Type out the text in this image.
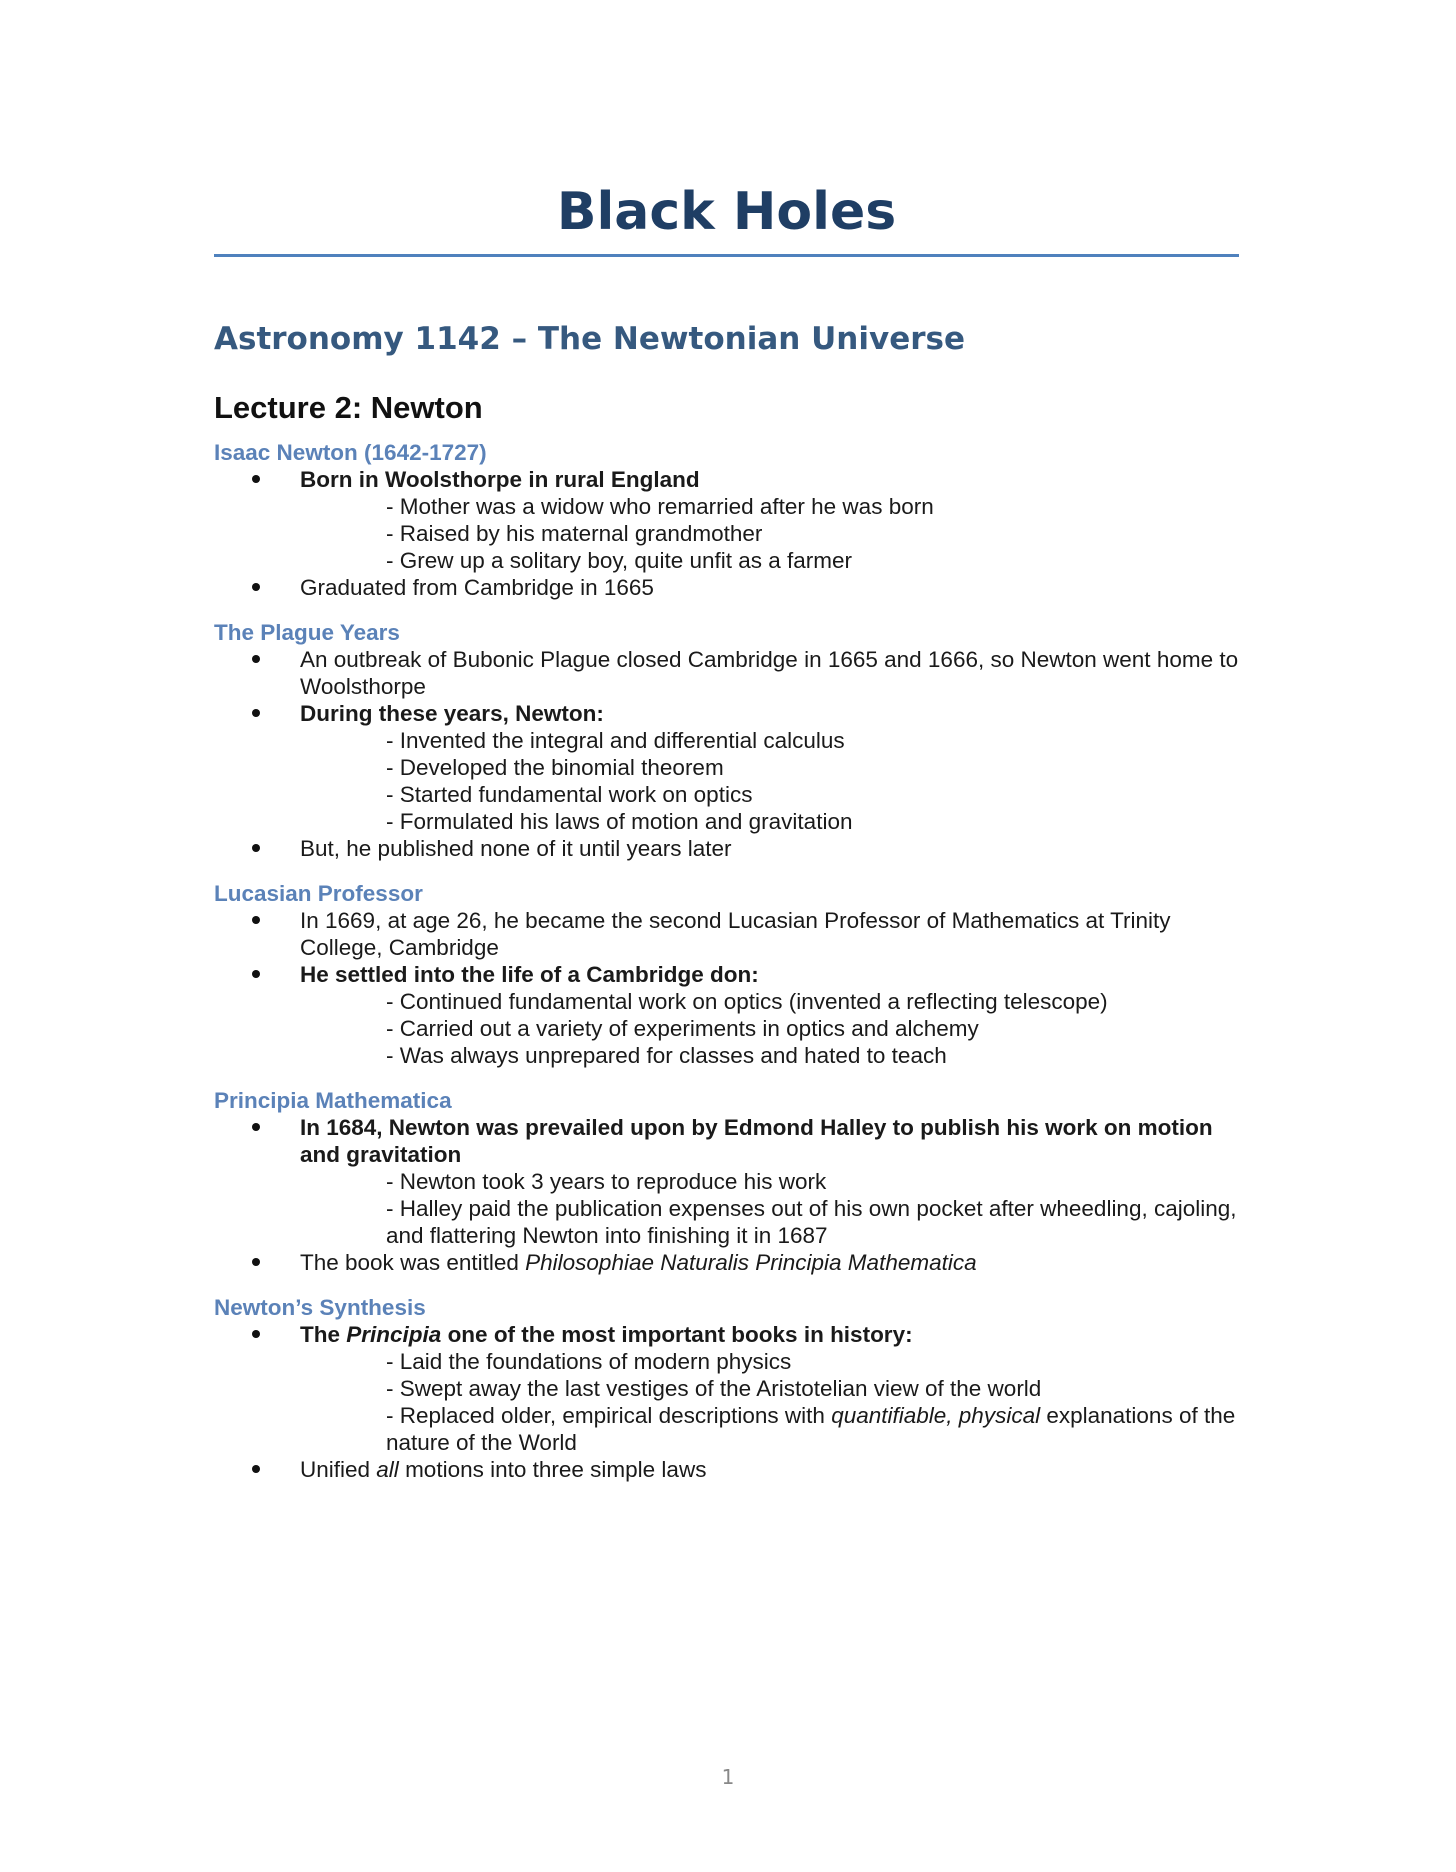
Black Holes
Astronomy 1142 – The Newtonian Universe
Lecture 2: Newton
Isaac Newton (1642-1727)
Born in Woolsthorpe in rural England
- Mother was a widow who remarried after he was born
- Raised by his maternal grandmother
- Grew up a solitary boy, quite unfit as a farmer
Graduated from Cambridge in 1665
The Plague Years
An outbreak of Bubonic Plague closed Cambridge in 1665 and 1666, so Newton went home to Woolsthorpe
During these years, Newton:
- Invented the integral and differential calculus
- Developed the binomial theorem
- Started fundamental work on optics
- Formulated his laws of motion and gravitation
But, he published none of it until years later
Lucasian Professor
In 1669, at age 26, he became the second Lucasian Professor of Mathematics at Trinity College, Cambridge
He settled into the life of a Cambridge don:
- Continued fundamental work on optics (invented a reflecting telescope)
- Carried out a variety of experiments in optics and alchemy
- Was always unprepared for classes and hated to teach
Principia Mathematica
In 1684, Newton was prevailed upon by Edmond Halley to publish his work on motion and gravitation
- Newton took 3 years to reproduce his work
- Halley paid the publication expenses out of his own pocket after wheedling, cajoling, and flattering Newton into finishing it in 1687
The book was entitled Philosophiae Naturalis Principia Mathematica
Newton’s Synthesis
The Principia one of the most important books in history:
- Laid the foundations of modern physics
- Swept away the last vestiges of the Aristotelian view of the world
- Replaced older, empirical descriptions with quantifiable, physical explanations of the nature of the World
Unified all motions into three simple laws
1
